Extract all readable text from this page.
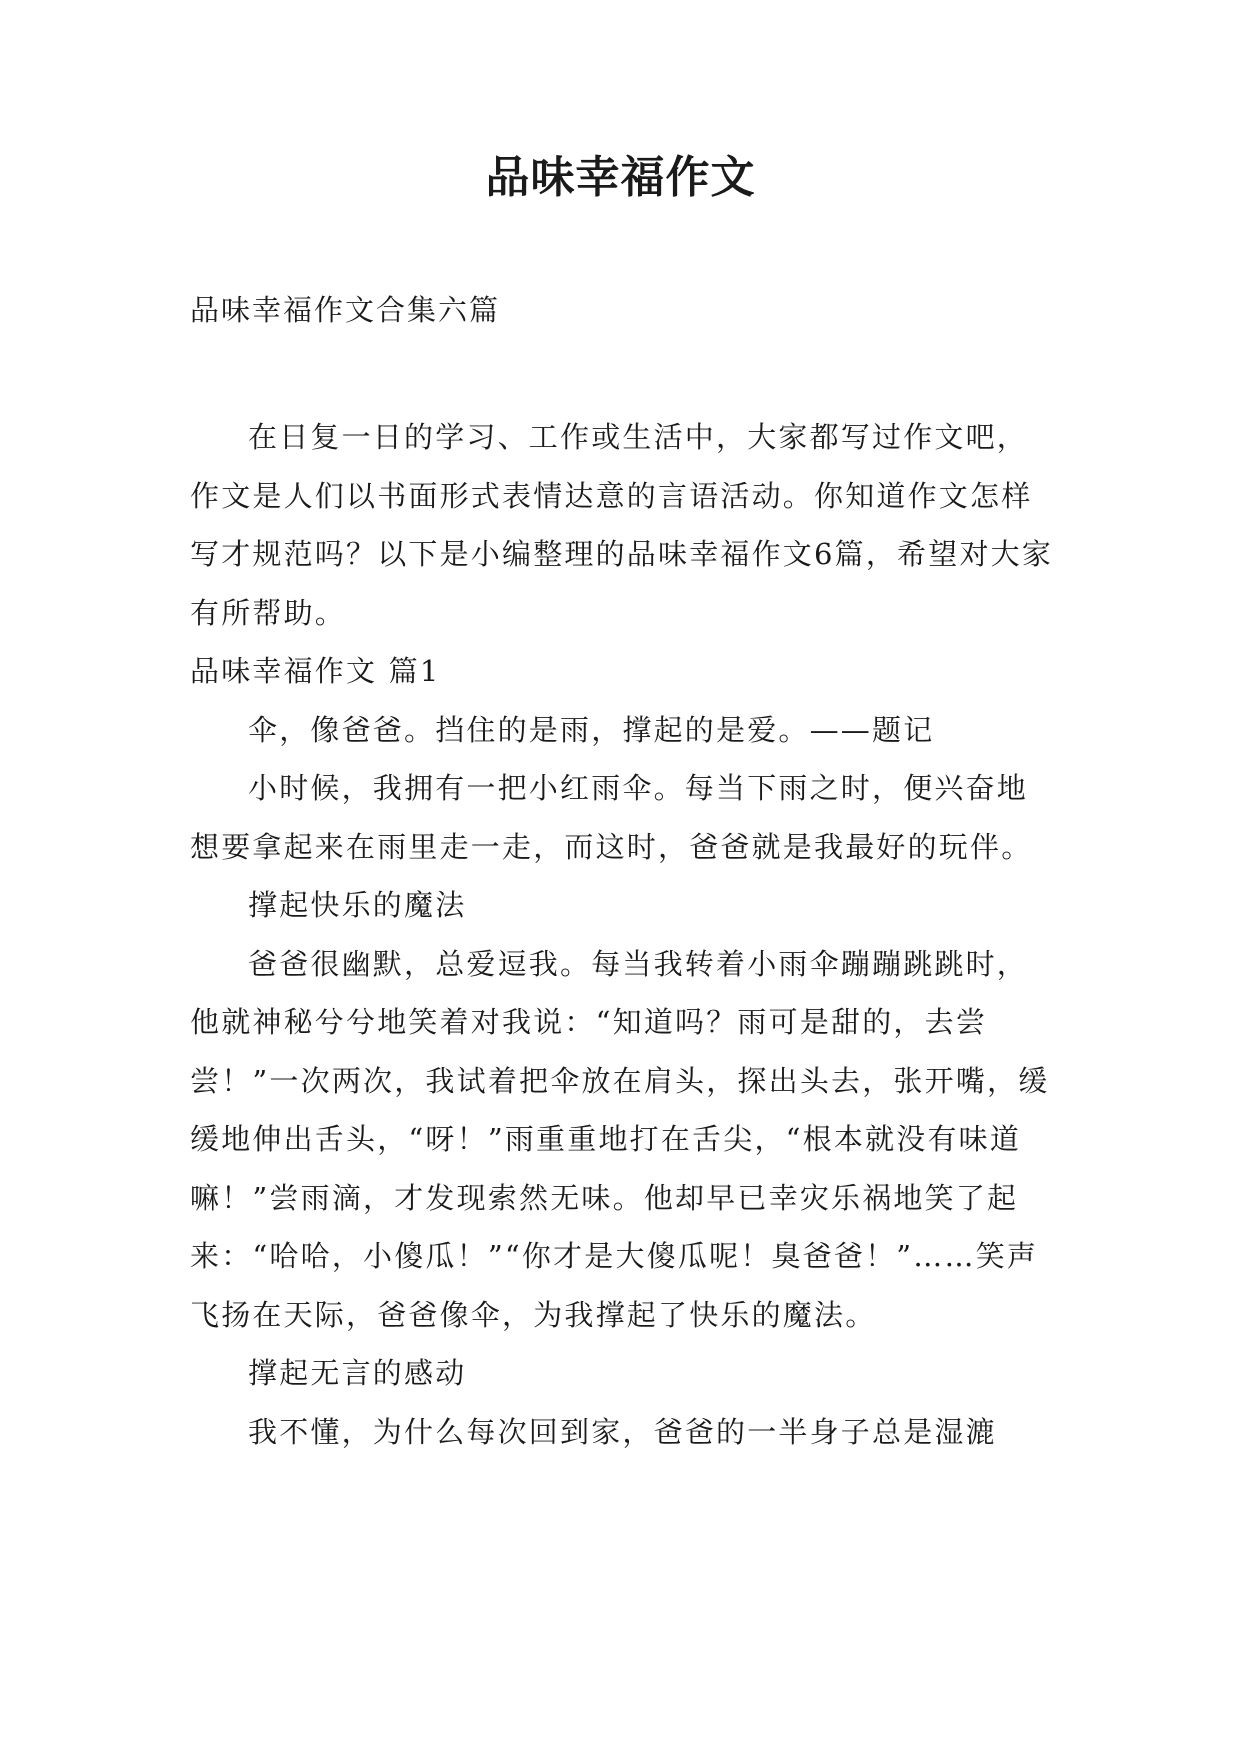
品味幸福作文
品味幸福作文合集六篇

在日复一日的学习、工作或生活中，大家都写过作文吧，作文是人们以书面形式表情达意的言语活动。你知道作文怎样写才规范吗？以下是小编整理的品味幸福作文6篇，希望对大家有所帮助。

品味幸福作文 篇1

伞，像爸爸。挡住的是雨，撑起的是爱。——题记

小时候，我拥有一把小红雨伞。每当下雨之时，便兴奋地想要拿起来在雨里走一走，而这时，爸爸就是我最好的玩伴。

撑起快乐的魔法

爸爸很幽默，总爱逗我。每当我转着小雨伞蹦蹦跳跳时，他就神秘兮兮地笑着对我说：“知道吗？雨可是甜的，去尝尝！”一次两次，我试着把伞放在肩头，探出头去，张开嘴，缓缓地伸出舌头，“呀！”雨重重地打在舌尖，“根本就没有味道嘛！”尝雨滴，才发现索然无味。他却早已幸灾乐祸地笑了起来：“哈哈，小傻瓜！”“你才是大傻瓜呢！臭爸爸！”……笑声飞扬在天际，爸爸像伞，为我撑起了快乐的魔法。

撑起无言的感动

我不懂，为什么每次回到家，爸爸的一半身子总是湿漉
